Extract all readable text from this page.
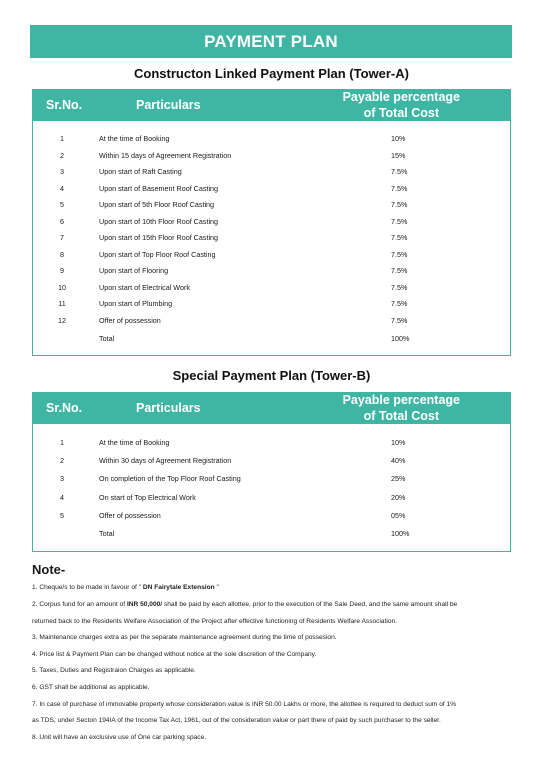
PAYMENT PLAN
Constructon Linked Payment Plan (Tower-A)
Sr.No.	Particulars
Payable percentage
of Total Cost
1	At the time of Booking	10%
2	Within 15 days of Agreement Registration	15%
3	Upon start of Raft Casting	7.5%
4	Upon start of Basement Roof Casting	7.5%
5	Upon start of 5th Floor Roof Casting	7.5%
6	Upon start of 10th Floor Roof Casting	7.5%
7	Upon start of 15th Floor Roof Casting	7.5%
8	Upon start of Top Floor Roof Casting	7.5%
9	Upon start of Flooring	7.5%
10	Upon start of Electrical Work	7.5%
11	Upon start of Plumbing	7.5%
12	Offer of possession	7.5%
Total	100%
Special Payment Plan (Tower-B)
Sr.No.	Particulars
Payable percentage
of Total Cost
1	At the time of Booking	10%
2	Within 30 days of Agreement Registration	40%
3	On completion of the Top Floor Roof Casting	25%
4	On start of Top Electrical Work	20%
5	Offer of possession	05%
Total	100%
Note-
1. Cheque/s to be made in favour of " DN Fairytale Extension "
2. Corpus fund for an amount of INR 50,000/ shall be paid by each allottee, prior to the execution of the Sale Deed, and the same amount shall be
returned back to the Residents Welfare Association of the Project after effective functioning of Residents Welfare Association.
3. Maintenance charges extra as per the separate maintenance agreement during the time of possesion.
4. Price list & Payment Plan can be changed without notice at the sole discretion of the Company.
5. Taxes, Duties and Registraion Charges as applicable.
6. GST shall be additional as applicable.
7. In case of purchase of immovable property whose consideration value is INR 50.00 Lakhs or more, the allottee is required to deduct sum of 1%
as TDS, under Secton 194IA of the Income Tax Act, 1961, out of the consideration value or part there of paid by such purchaser to the seller.
8. Unit will have an exclusive use of One car parking space.
